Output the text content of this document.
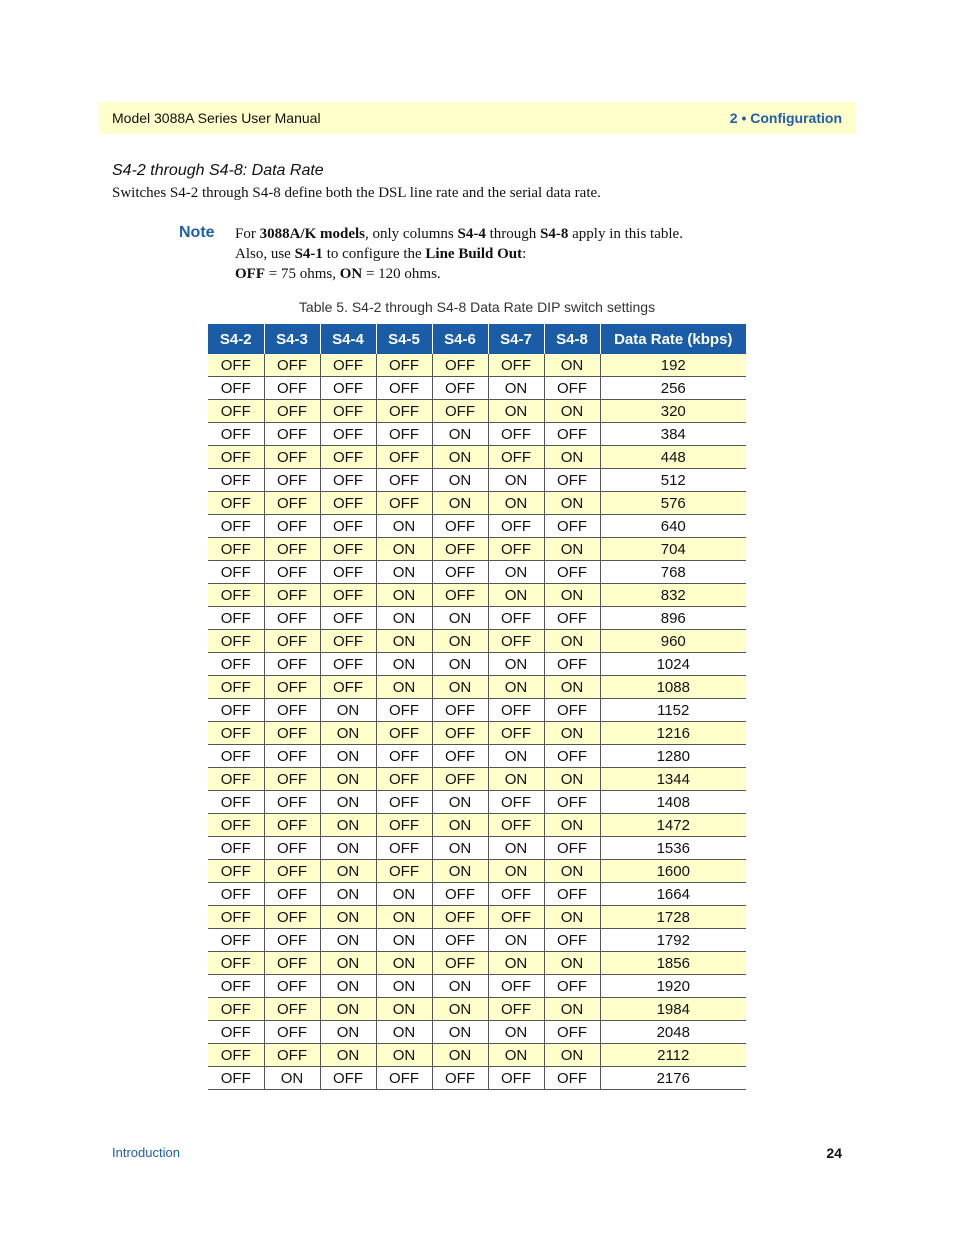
Model 3088A Series User Manual	2 • Configuration
S4-2 through S4-8: Data Rate
Switches S4-2 through S4-8 define both the DSL line rate and the serial data rate.
Note For 3088A/K models, only columns S4-4 through S4-8 apply in this table.
Also, use S4-1 to configure the Line Build Out:
OFF = 75 ohms, ON = 120 ohms.
Table 5. S4-2 through S4-8 Data Rate DIP switch settings
S4-2	S4-3	S4-4	S4-5	S4-6	S4-7	S4-8	Data Rate (kbps)
OFF	OFF	OFF	OFF	OFF	OFF	ON	192
OFF	OFF	OFF	OFF	OFF	ON	OFF	256
OFF	OFF	OFF	OFF	OFF	ON	ON	320
OFF	OFF	OFF	OFF	ON	OFF	OFF	384
OFF	OFF	OFF	OFF	ON	OFF	ON	448
OFF	OFF	OFF	OFF	ON	ON	OFF	512
OFF	OFF	OFF	OFF	ON	ON	ON	576
OFF	OFF	OFF	ON	OFF	OFF	OFF	640
OFF	OFF	OFF	ON	OFF	OFF	ON	704
OFF	OFF	OFF	ON	OFF	ON	OFF	768
OFF	OFF	OFF	ON	OFF	ON	ON	832
OFF	OFF	OFF	ON	ON	OFF	OFF	896
OFF	OFF	OFF	ON	ON	OFF	ON	960
OFF	OFF	OFF	ON	ON	ON	OFF	1024
OFF	OFF	OFF	ON	ON	ON	ON	1088
OFF	OFF	ON	OFF	OFF	OFF	OFF	1152
OFF	OFF	ON	OFF	OFF	OFF	ON	1216
OFF	OFF	ON	OFF	OFF	ON	OFF	1280
OFF	OFF	ON	OFF	OFF	ON	ON	1344
OFF	OFF	ON	OFF	ON	OFF	OFF	1408
OFF	OFF	ON	OFF	ON	OFF	ON	1472
OFF	OFF	ON	OFF	ON	ON	OFF	1536
OFF	OFF	ON	OFF	ON	ON	ON	1600
OFF	OFF	ON	ON	OFF	OFF	OFF	1664
OFF	OFF	ON	ON	OFF	OFF	ON	1728
OFF	OFF	ON	ON	OFF	ON	OFF	1792
OFF	OFF	ON	ON	OFF	ON	ON	1856
OFF	OFF	ON	ON	ON	OFF	OFF	1920
OFF	OFF	ON	ON	ON	OFF	ON	1984
OFF	OFF	ON	ON	ON	ON	OFF	2048
OFF	OFF	ON	ON	ON	ON	ON	2112
OFF	ON	OFF	OFF	OFF	OFF	OFF	2176
Introduction	24
